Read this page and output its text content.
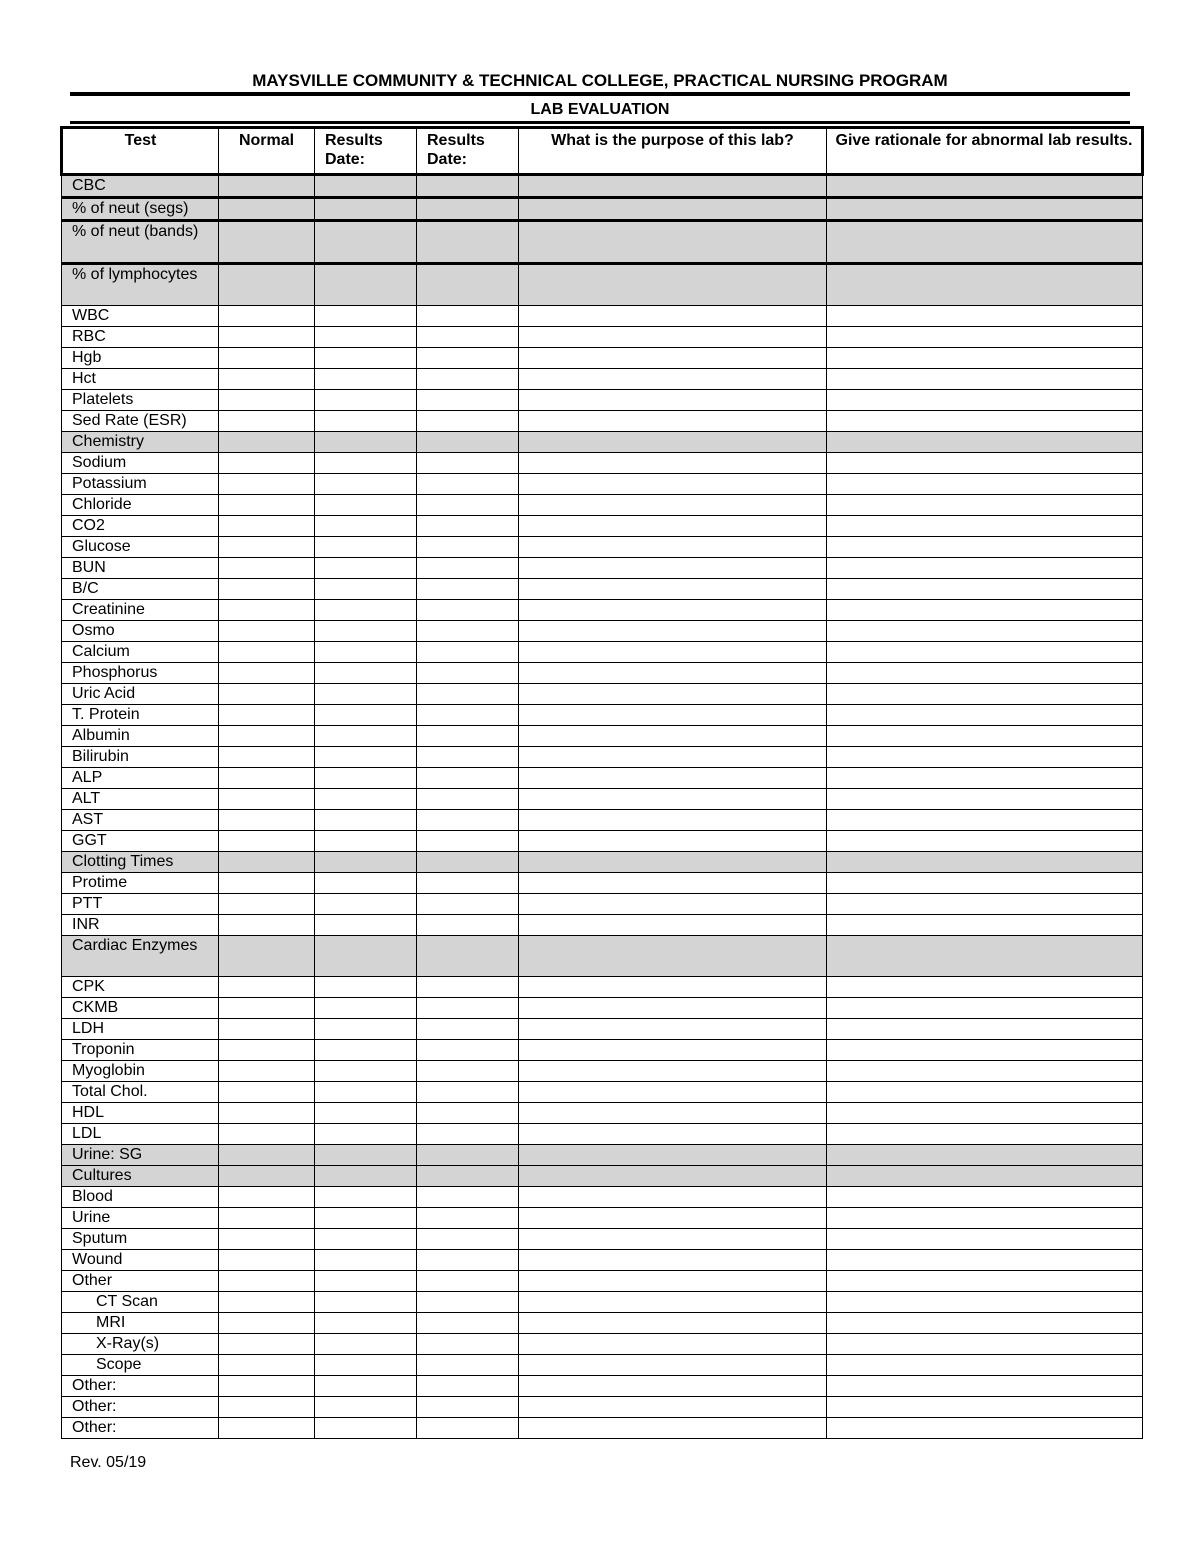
MAYSVILLE COMMUNITY & TECHNICAL COLLEGE, PRACTICAL NURSING PROGRAM
LAB EVALUATION
Test	Normal	Results Date:	Results Date:	What is the purpose of this lab?	Give rationale for abnormal lab results.
CBC					
% of neut (segs)					
% of neut (bands)					
% of lymphocytes					
WBC					
RBC					
Hgb					
Hct					
Platelets					
Sed Rate (ESR)					
Chemistry					
Sodium					
Potassium					
Chloride					
CO2					
Glucose					
BUN					
B/C					
Creatinine					
Osmo					
Calcium					
Phosphorus					
Uric Acid					
T. Protein					
Albumin					
Bilirubin					
ALP					
ALT					
AST					
GGT					
Clotting Times					
Protime					
PTT					
INR					
Cardiac Enzymes					
CPK					
CKMB					
LDH					
Troponin					
Myoglobin					
Total Chol.					
HDL					
LDL					
Urine: SG					
Cultures					
Blood					
Urine					
Sputum					
Wound					
Other					
CT Scan					
MRI					
X-Ray(s)					
Scope					
Other:					
Other:					
Other:					
Rev. 05/19
